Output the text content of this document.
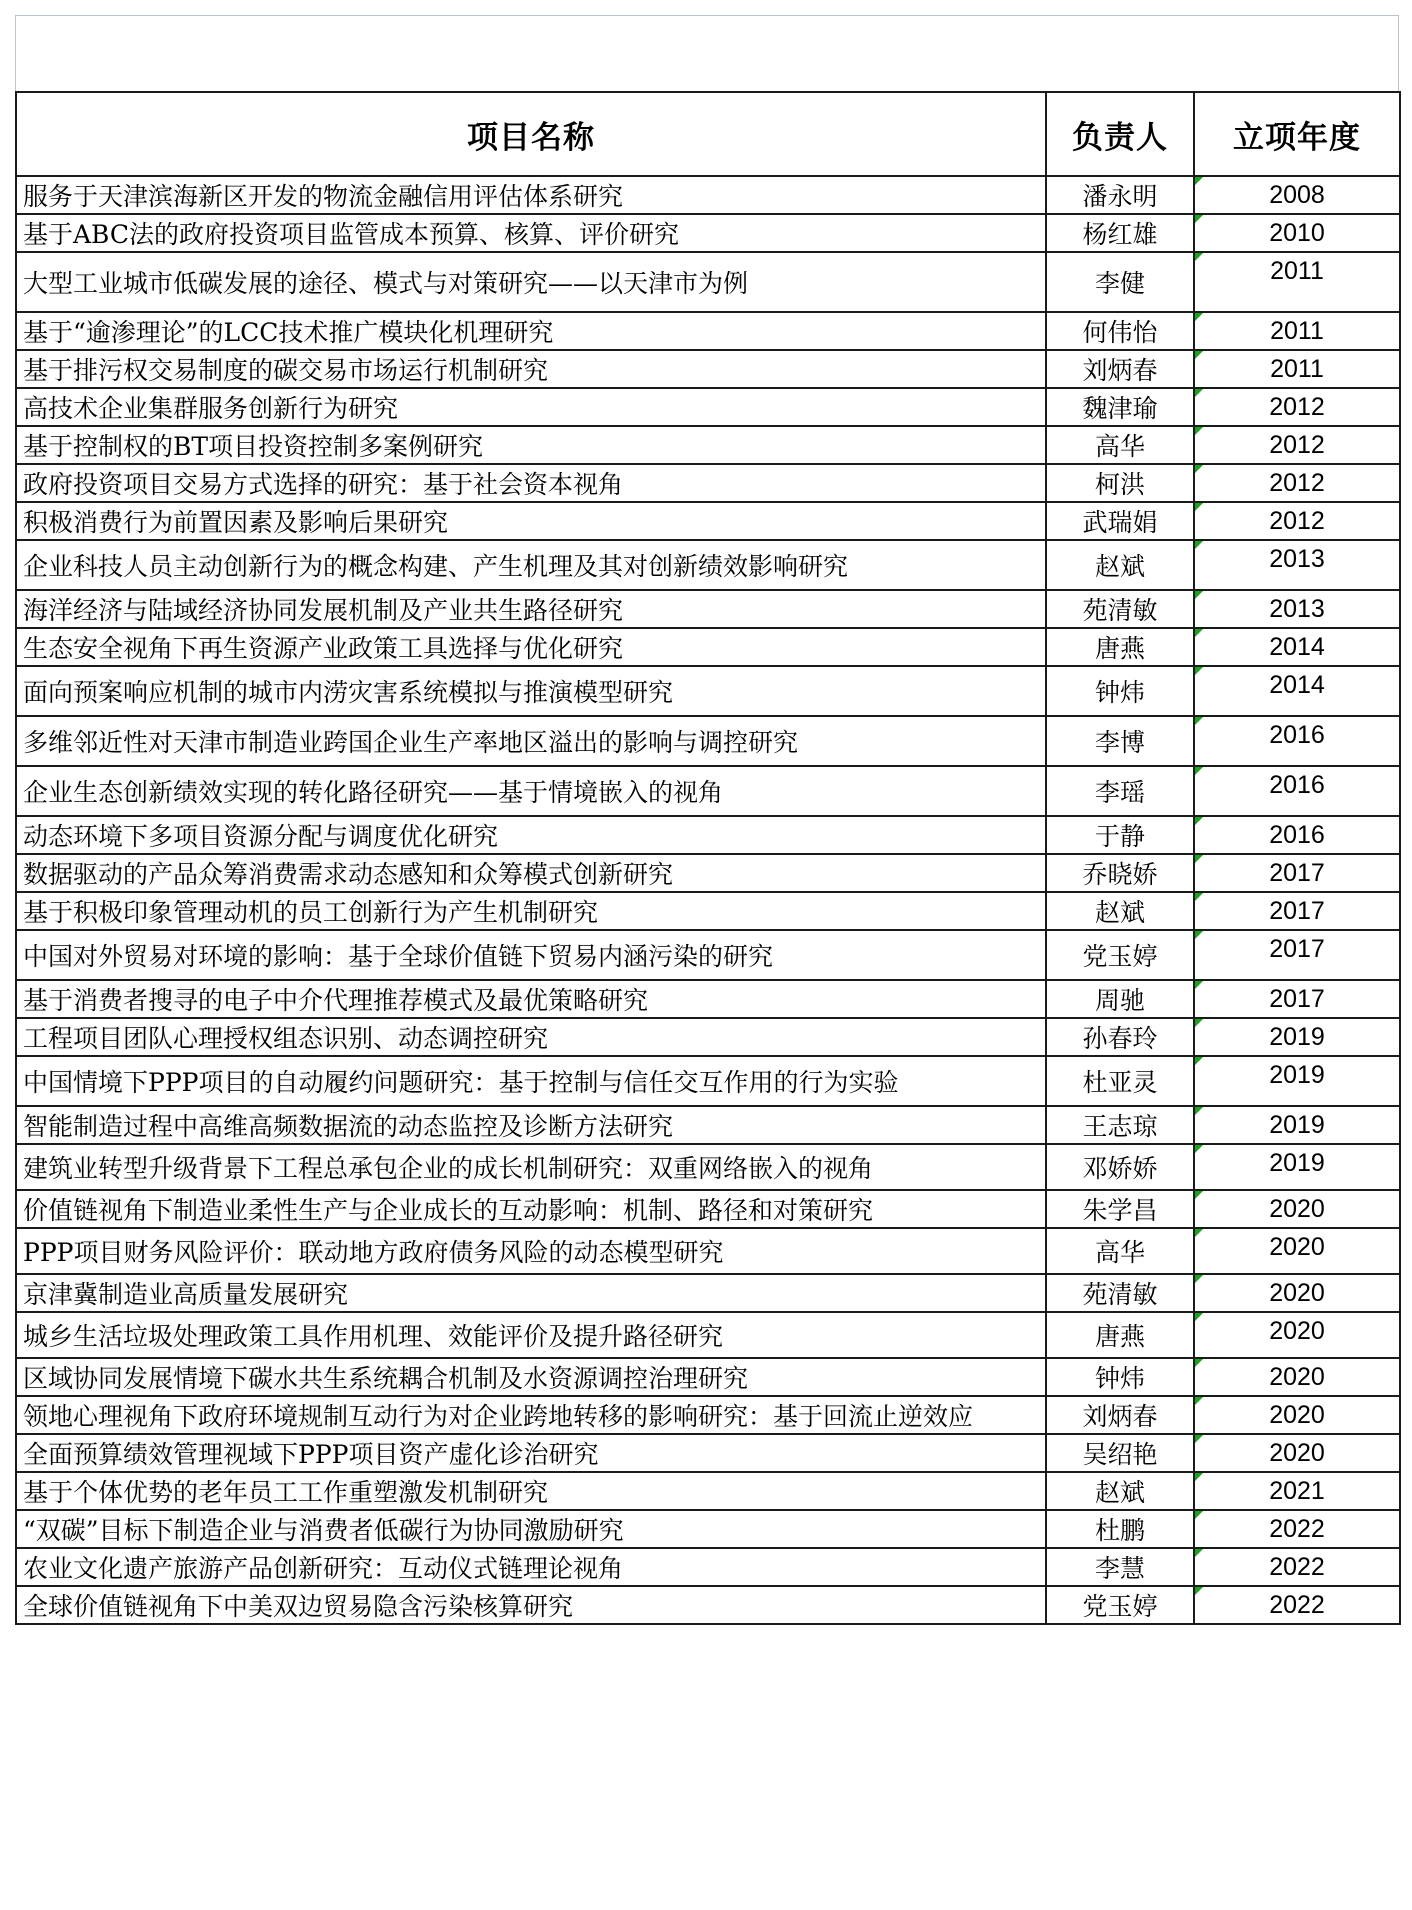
项目名称	负责人	立项年度
服务于天津滨海新区开发的物流金融信用评估体系研究	潘永明	2008
基于ABC法的政府投资项目监管成本预算、核算、评价研究	杨红雄	2010
大型工业城市低碳发展的途径、模式与对策研究——以天津市为例	李健	2011
基于“逾渗理论”的LCC技术推广模块化机理研究	何伟怡	2011
基于排污权交易制度的碳交易市场运行机制研究	刘炳春	2011
高技术企业集群服务创新行为研究	魏津瑜	2012
基于控制权的BT项目投资控制多案例研究	高华	2012
政府投资项目交易方式选择的研究：基于社会资本视角	柯洪	2012
积极消费行为前置因素及影响后果研究	武瑞娟	2012
企业科技人员主动创新行为的概念构建、产生机理及其对创新绩效影响研究	赵斌	2013
海洋经济与陆域经济协同发展机制及产业共生路径研究	苑清敏	2013
生态安全视角下再生资源产业政策工具选择与优化研究	唐燕	2014
面向预案响应机制的城市内涝灾害系统模拟与推演模型研究	钟炜	2014
多维邻近性对天津市制造业跨国企业生产率地区溢出的影响与调控研究	李博	2016
企业生态创新绩效实现的转化路径研究——基于情境嵌入的视角	李瑶	2016
动态环境下多项目资源分配与调度优化研究	于静	2016
数据驱动的产品众筹消费需求动态感知和众筹模式创新研究	乔晓娇	2017
基于积极印象管理动机的员工创新行为产生机制研究	赵斌	2017
中国对外贸易对环境的影响：基于全球价值链下贸易内涵污染的研究	党玉婷	2017
基于消费者搜寻的电子中介代理推荐模式及最优策略研究	周驰	2017
工程项目团队心理授权组态识别、动态调控研究	孙春玲	2019
中国情境下PPP项目的自动履约问题研究：基于控制与信任交互作用的行为实验	杜亚灵	2019
智能制造过程中高维高频数据流的动态监控及诊断方法研究	王志琼	2019
建筑业转型升级背景下工程总承包企业的成长机制研究：双重网络嵌入的视角	邓娇娇	2019
价值链视角下制造业柔性生产与企业成长的互动影响：机制、路径和对策研究	朱学昌	2020
PPP项目财务风险评价：联动地方政府债务风险的动态模型研究	高华	2020
京津冀制造业高质量发展研究	苑清敏	2020
城乡生活垃圾处理政策工具作用机理、效能评价及提升路径研究	唐燕	2020
区域协同发展情境下碳水共生系统耦合机制及水资源调控治理研究	钟炜	2020
领地心理视角下政府环境规制互动行为对企业跨地转移的影响研究：基于回流止逆效应	刘炳春	2020
全面预算绩效管理视域下PPP项目资产虚化诊治研究	吴绍艳	2020
基于个体优势的老年员工工作重塑激发机制研究	赵斌	2021
“双碳”目标下制造企业与消费者低碳行为协同激励研究	杜鹏	2022
农业文化遗产旅游产品创新研究：互动仪式链理论视角	李慧	2022
全球价值链视角下中美双边贸易隐含污染核算研究	党玉婷	2022
